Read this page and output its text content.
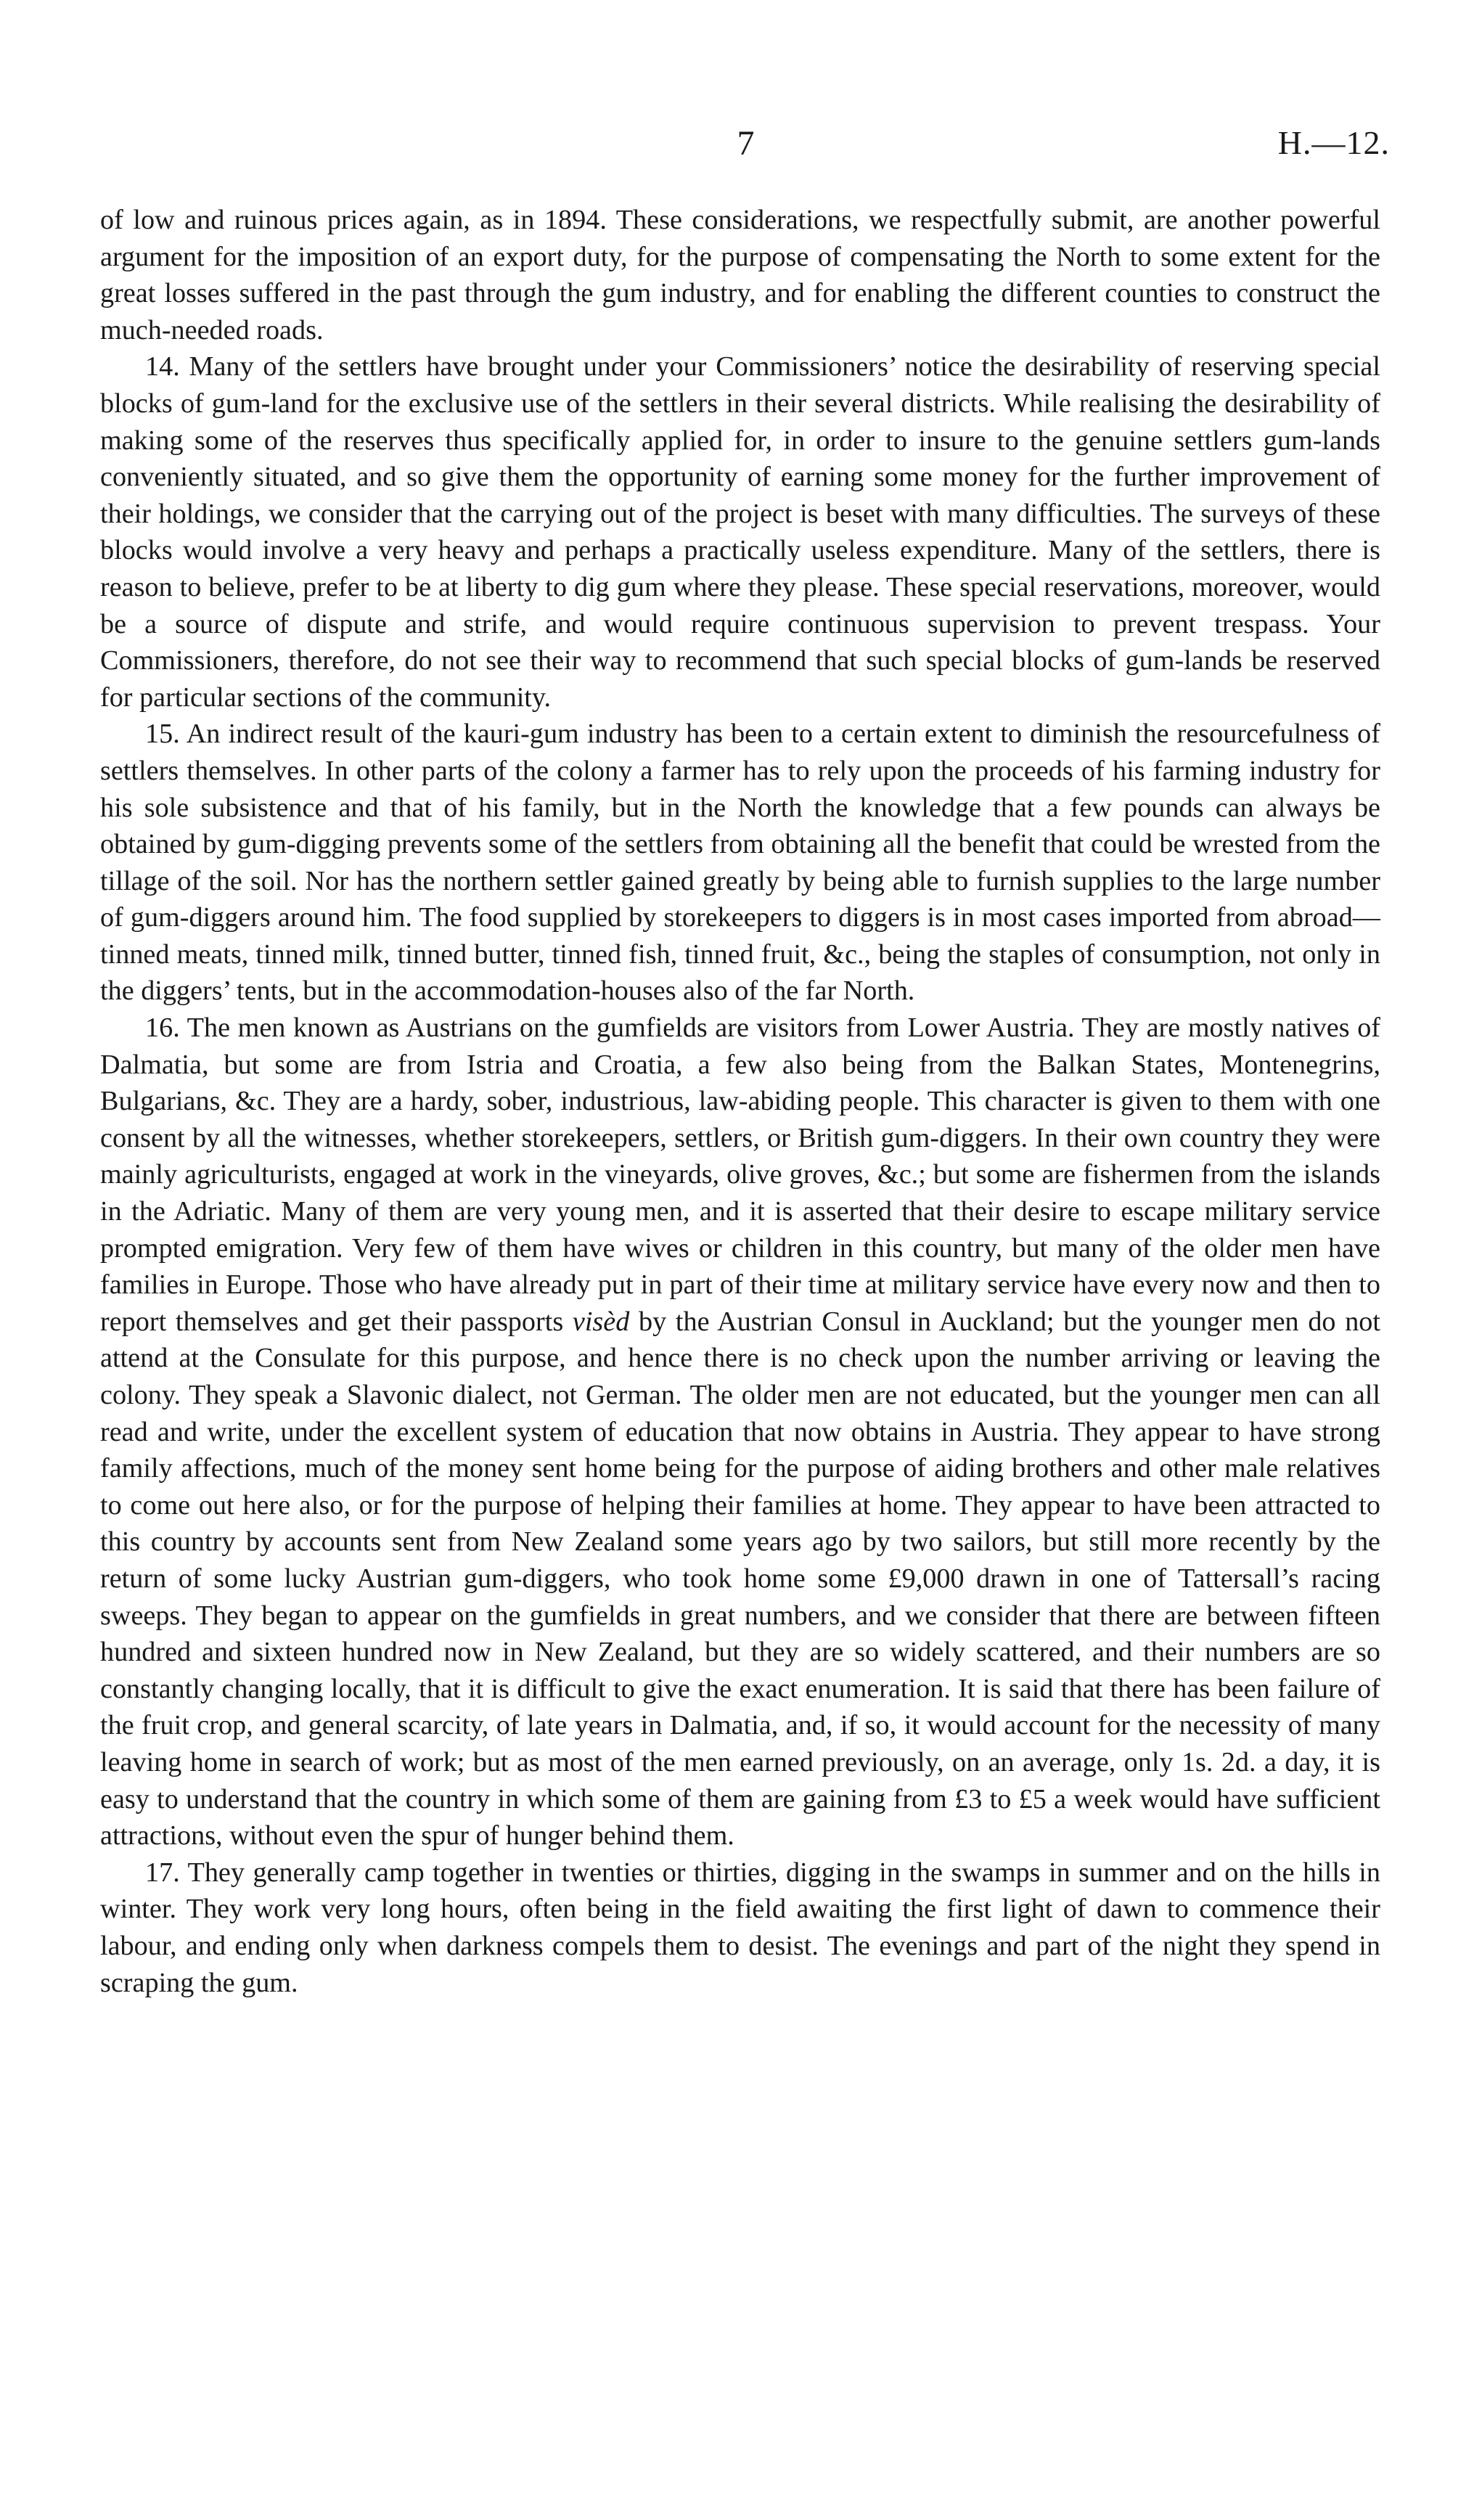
7	H.—12.

of low and ruinous prices again, as in 1894. These considerations, we respectfully submit, are another powerful argument for the imposition of an export duty, for the purpose of compensating the North to some extent for the great losses suffered in the past through the gum industry, and for enabling the different counties to construct the much-needed roads.

14. Many of the settlers have brought under your Commissioners’ notice the desirability of reserving special blocks of gum-land for the exclusive use of the settlers in their several districts. While realising the desirability of making some of the reserves thus specifically applied for, in order to insure to the genuine settlers gum-lands conveniently situated, and so give them the opportunity of earning some money for the further improvement of their holdings, we consider that the carrying out of the project is beset with many difficulties. The surveys of these blocks would involve a very heavy and perhaps a practically useless expenditure. Many of the settlers, there is reason to believe, prefer to be at liberty to dig gum where they please. These special reservations, moreover, would be a source of dispute and strife, and would require continuous supervision to prevent trespass. Your Commissioners, therefore, do not see their way to recommend that such special blocks of gum-lands be reserved for particular sections of the community.

15. An indirect result of the kauri-gum industry has been to a certain extent to diminish the resourcefulness of settlers themselves. In other parts of the colony a farmer has to rely upon the proceeds of his farming industry for his sole subsistence and that of his family, but in the North the knowledge that a few pounds can always be obtained by gum-digging prevents some of the settlers from obtaining all the benefit that could be wrested from the tillage of the soil. Nor has the northern settler gained greatly by being able to furnish supplies to the large number of gum-diggers around him. The food supplied by storekeepers to diggers is in most cases imported from abroad—tinned meats, tinned milk, tinned butter, tinned fish, tinned fruit, &c., being the staples of consumption, not only in the diggers’ tents, but in the accommodation-houses also of the far North.

16. The men known as Austrians on the gumfields are visitors from Lower Austria. They are mostly natives of Dalmatia, but some are from Istria and Croatia, a few also being from the Balkan States, Montenegrins, Bulgarians, &c. They are a hardy, sober, industrious, law-abiding people. This character is given to them with one consent by all the witnesses, whether storekeepers, settlers, or British gum-diggers. In their own country they were mainly agriculturists, engaged at work in the vineyards, olive groves, &c.; but some are fishermen from the islands in the Adriatic. Many of them are very young men, and it is asserted that their desire to escape military service prompted emigration. Very few of them have wives or children in this country, but many of the older men have families in Europe. Those who have already put in part of their time at military service have every now and then to report themselves and get their passports visèd by the Austrian Consul in Auckland; but the younger men do not attend at the Consulate for this purpose, and hence there is no check upon the number arriving or leaving the colony. They speak a Slavonic dialect, not German. The older men are not educated, but the younger men can all read and write, under the excellent system of education that now obtains in Austria. They appear to have strong family affections, much of the money sent home being for the purpose of aiding brothers and other male relatives to come out here also, or for the purpose of helping their families at home. They appear to have been attracted to this country by accounts sent from New Zealand some years ago by two sailors, but still more recently by the return of some lucky Austrian gum-diggers, who took home some £9,000 drawn in one of Tattersall’s racing sweeps. They began to appear on the gumfields in great numbers, and we consider that there are between fifteen hundred and sixteen hundred now in New Zealand, but they are so widely scattered, and their numbers are so constantly changing locally, that it is difficult to give the exact enumeration. It is said that there has been failure of the fruit crop, and general scarcity, of late years in Dalmatia, and, if so, it would account for the necessity of many leaving home in search of work; but as most of the men earned previously, on an average, only 1s. 2d. a day, it is easy to understand that the country in which some of them are gaining from £3 to £5 a week would have sufficient attractions, without even the spur of hunger behind them.

17. They generally camp together in twenties or thirties, digging in the swamps in summer and on the hills in winter. They work very long hours, often being in the field awaiting the first light of dawn to commence their labour, and ending only when darkness compels them to desist. The evenings and part of the night they spend in scraping the gum.
